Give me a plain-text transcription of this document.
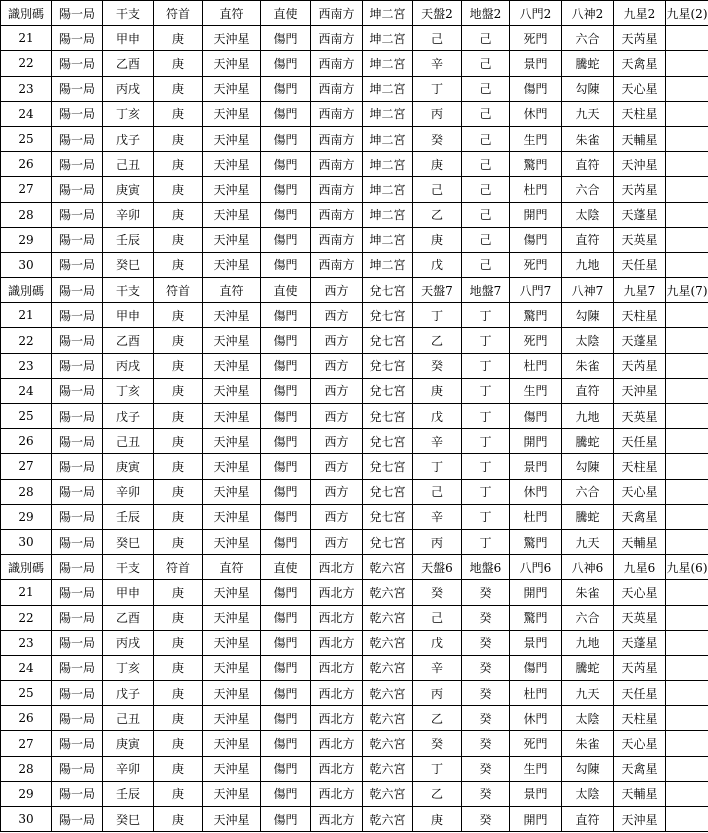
識別碼	陽一局	干支	符首	直符	直使	西南方	坤二宮	天盤2	地盤2	八門2	八神2	九星2	九星(2)
21	陽一局	甲申	庚	天沖星	傷門	西南方	坤二宮	己	己	死門	六合	天芮星	
22	陽一局	乙酉	庚	天沖星	傷門	西南方	坤二宮	辛	己	景門	騰蛇	天禽星	
23	陽一局	丙戌	庚	天沖星	傷門	西南方	坤二宮	丁	己	傷門	勾陳	天心星	
24	陽一局	丁亥	庚	天沖星	傷門	西南方	坤二宮	丙	己	休門	九天	天柱星	
25	陽一局	戊子	庚	天沖星	傷門	西南方	坤二宮	癸	己	生門	朱雀	天輔星	
26	陽一局	己丑	庚	天沖星	傷門	西南方	坤二宮	庚	己	驚門	直符	天沖星	
27	陽一局	庚寅	庚	天沖星	傷門	西南方	坤二宮	己	己	杜門	六合	天芮星	
28	陽一局	辛卯	庚	天沖星	傷門	西南方	坤二宮	乙	己	開門	太陰	天蓬星	
29	陽一局	壬辰	庚	天沖星	傷門	西南方	坤二宮	庚	己	傷門	直符	天英星	
30	陽一局	癸巳	庚	天沖星	傷門	西南方	坤二宮	戊	己	死門	九地	天任星	
識別碼	陽一局	干支	符首	直符	直使	西方	兌七宮	天盤7	地盤7	八門7	八神7	九星7	九星(7)
21	陽一局	甲申	庚	天沖星	傷門	西方	兌七宮	丁	丁	驚門	勾陳	天柱星	
22	陽一局	乙酉	庚	天沖星	傷門	西方	兌七宮	乙	丁	死門	太陰	天蓬星	
23	陽一局	丙戌	庚	天沖星	傷門	西方	兌七宮	癸	丁	杜門	朱雀	天芮星	
24	陽一局	丁亥	庚	天沖星	傷門	西方	兌七宮	庚	丁	生門	直符	天沖星	
25	陽一局	戊子	庚	天沖星	傷門	西方	兌七宮	戊	丁	傷門	九地	天英星	
26	陽一局	己丑	庚	天沖星	傷門	西方	兌七宮	辛	丁	開門	騰蛇	天任星	
27	陽一局	庚寅	庚	天沖星	傷門	西方	兌七宮	丁	丁	景門	勾陳	天柱星	
28	陽一局	辛卯	庚	天沖星	傷門	西方	兌七宮	己	丁	休門	六合	天心星	
29	陽一局	壬辰	庚	天沖星	傷門	西方	兌七宮	辛	丁	杜門	騰蛇	天禽星	
30	陽一局	癸巳	庚	天沖星	傷門	西方	兌七宮	丙	丁	驚門	九天	天輔星	
識別碼	陽一局	干支	符首	直符	直使	西北方	乾六宮	天盤6	地盤6	八門6	八神6	九星6	九星(6)
21	陽一局	甲申	庚	天沖星	傷門	西北方	乾六宮	癸	癸	開門	朱雀	天心星	
22	陽一局	乙酉	庚	天沖星	傷門	西北方	乾六宮	己	癸	驚門	六合	天英星	
23	陽一局	丙戌	庚	天沖星	傷門	西北方	乾六宮	戊	癸	景門	九地	天蓬星	
24	陽一局	丁亥	庚	天沖星	傷門	西北方	乾六宮	辛	癸	傷門	騰蛇	天芮星	
25	陽一局	戊子	庚	天沖星	傷門	西北方	乾六宮	丙	癸	杜門	九天	天任星	
26	陽一局	己丑	庚	天沖星	傷門	西北方	乾六宮	乙	癸	休門	太陰	天柱星	
27	陽一局	庚寅	庚	天沖星	傷門	西北方	乾六宮	癸	癸	死門	朱雀	天心星	
28	陽一局	辛卯	庚	天沖星	傷門	西北方	乾六宮	丁	癸	生門	勾陳	天禽星	
29	陽一局	壬辰	庚	天沖星	傷門	西北方	乾六宮	乙	癸	景門	太陰	天輔星	
30	陽一局	癸巳	庚	天沖星	傷門	西北方	乾六宮	庚	癸	開門	直符	天沖星	
